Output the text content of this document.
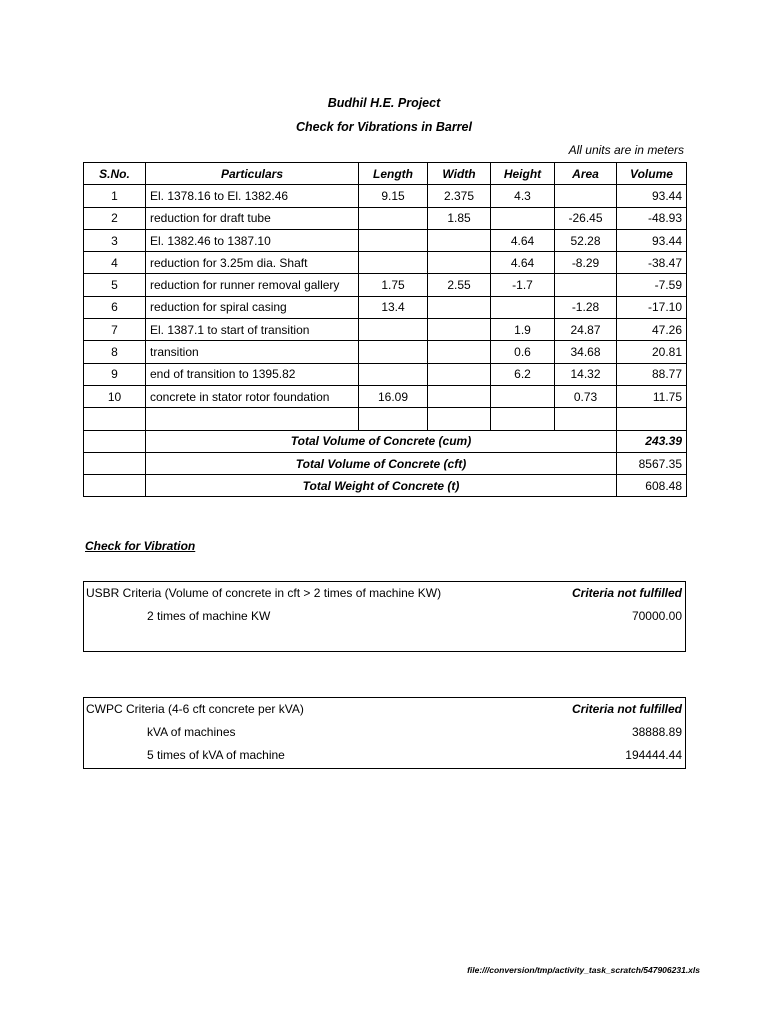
Budhil H.E. Project
Check for Vibrations in Barrel
All units are in meters
S.No.	Particulars	Length	Width	Height	Area	Volume
1	El. 1378.16 to El. 1382.46	9.15	2.375	4.3		93.44
2	reduction for draft tube		1.85		-26.45	-48.93
3	El. 1382.46 to 1387.10			4.64	52.28	93.44
4	reduction for 3.25m dia. Shaft			4.64	-8.29	-38.47
5	reduction for runner removal gallery	1.75	2.55	-1.7		-7.59
6	reduction for spiral casing	13.4			-1.28	-17.10
7	El. 1387.1 to start of transition			1.9	24.87	47.26
8	transition			0.6	34.68	20.81
9	end of transition to 1395.82			6.2	14.32	88.77
10	concrete in stator rotor foundation	16.09			0.73	11.75

	Total Volume of Concrete (cum)					243.39
	Total Volume of Concrete (cft)					8567.35
	Total Weight of Concrete (t)					608.48
Check for Vibration
USBR Criteria (Volume of concrete in cft > 2 times of machine KW)	Criteria not fulfilled
2 times of machine KW	70000.00
CWPC Criteria (4-6 cft concrete per kVA)	Criteria not fulfilled
kVA of machines	38888.89
5 times of kVA of machine	194444.44
file:///conversion/tmp/activity_task_scratch/547906231.xls
